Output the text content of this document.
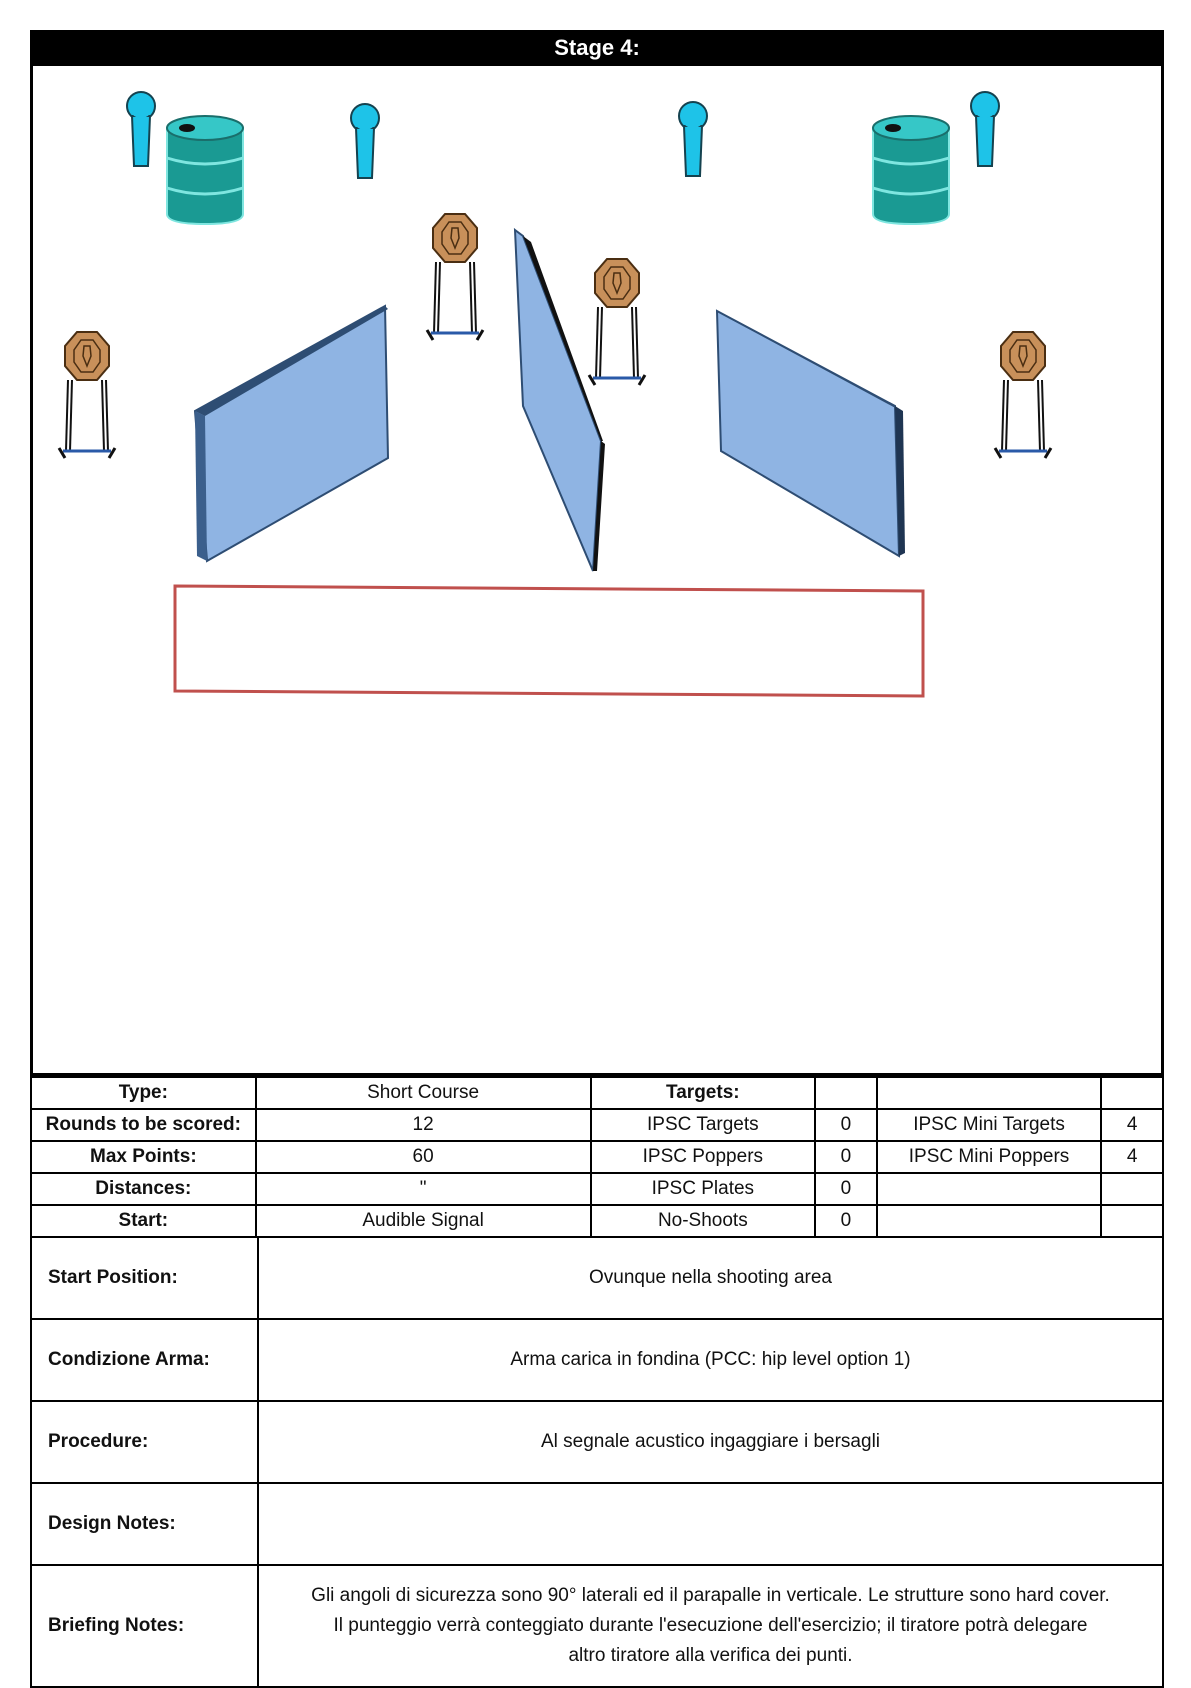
Stage 4:
Type:	Short Course	Targets:			
Rounds to be scored:	12	IPSC Targets	0	IPSC Mini Targets	4
Max Points:	60	IPSC Poppers	0	IPSC Mini Poppers	4
Distances:	"	IPSC Plates	0		
Start:	Audible Signal	No-Shoots	0		
Start Position:	Ovunque nella shooting area
Condizione Arma:	Arma carica in fondina (PCC: hip level option 1)
Procedure:	Al segnale acustico ingaggiare i bersagli
Design Notes:	
Briefing Notes:	Gli angoli di sicurezza sono 90° laterali ed il parapalle in verticale. Le strutture sono hard cover.
Il punteggio verrà conteggiato durante l'esecuzione dell'esercizio; il tiratore potrà delegare
altro tiratore alla verifica dei punti.
